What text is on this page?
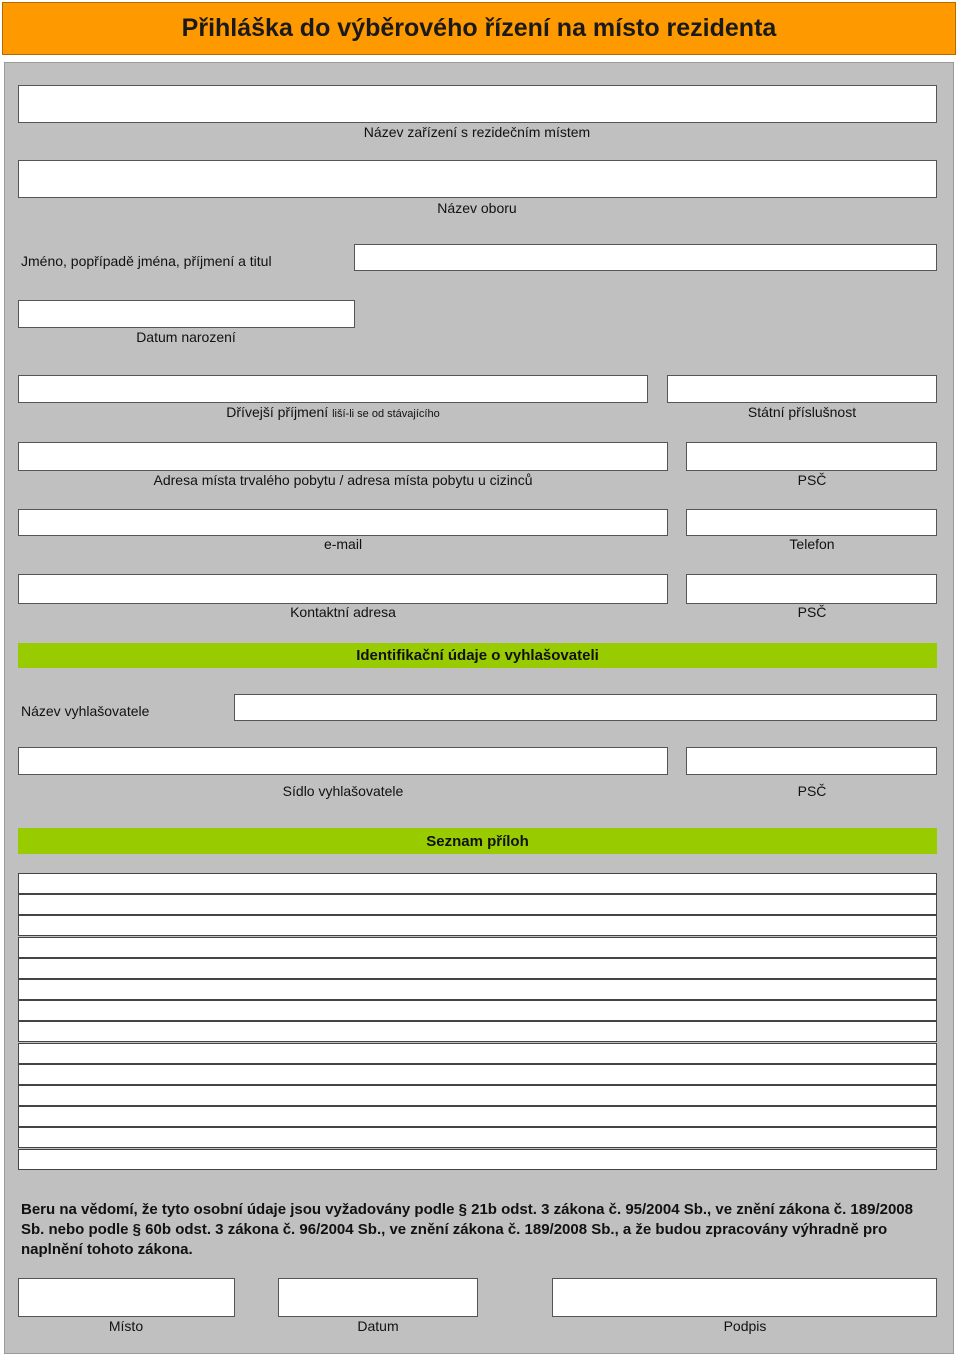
Přihláška do výběrového řízení na místo rezidenta
Název zařízení s rezidečním místem
Název oboru
Jméno, popřípadě jména, příjmení a titul
Datum narození
Dřívejší příjmení liší-li se od stávajícího	Státní příslušnost
Adresa místa trvalého pobytu / adresa místa pobytu u cizinců	PSČ
e-mail	Telefon
Kontaktní adresa	PSČ
Identifikační údaje o vyhlašovateli
Název vyhlašovatele
Sídlo vyhlašovatele	PSČ
Seznam příloh
Beru na vědomí, že tyto osobní údaje jsou vyžadovány podle § 21b odst. 3 zákona č. 95/2004 Sb., ve znění zákona č. 189/2008 Sb. nebo podle § 60b odst. 3 zákona č. 96/2004 Sb., ve znění zákona č. 189/2008 Sb., a že budou zpracovány výhradně pro naplnění tohoto zákona.
Místo	Datum	Podpis
